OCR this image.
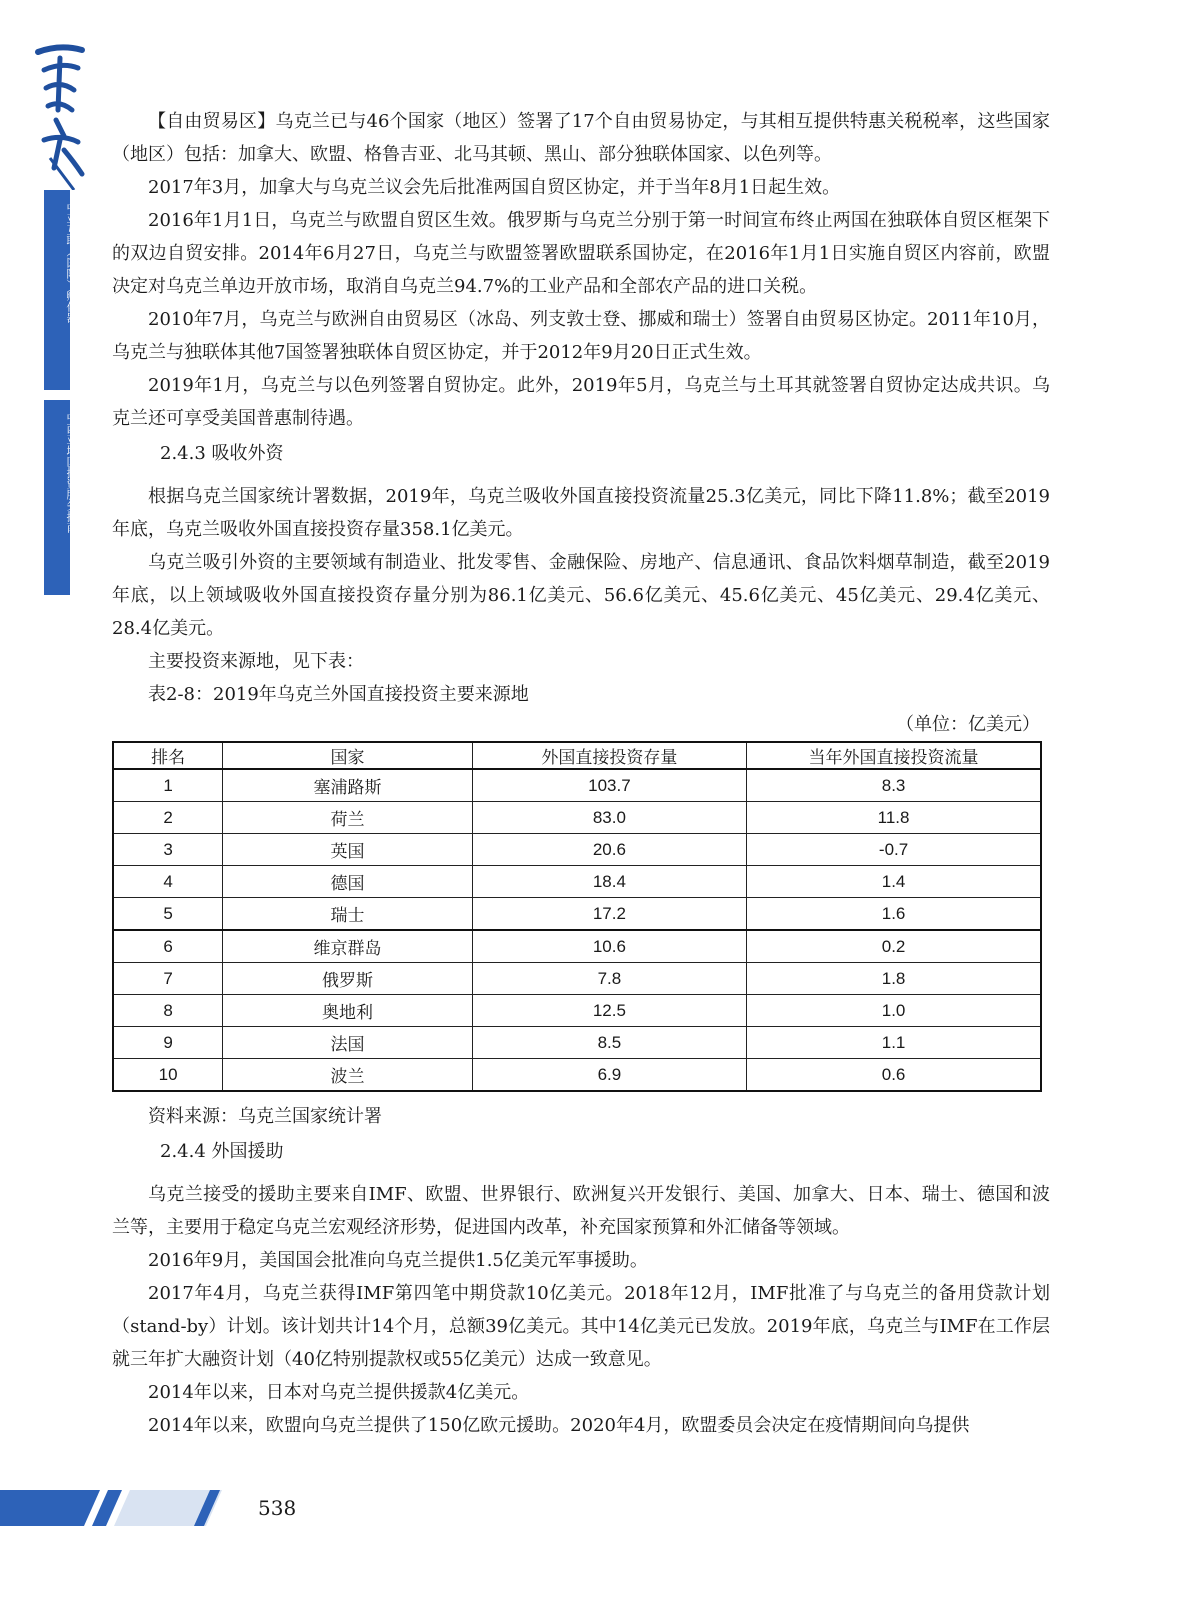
中亚互联（国际）孵化器
中西亚地区投资服务指南

【自由贸易区】乌克兰已与46个国家（地区）签署了17个自由贸易协定，与其相互提供特惠关税税率，这些国家（地区）包括：加拿大、欧盟、格鲁吉亚、北马其顿、黑山、部分独联体国家、以色列等。

2017年3月，加拿大与乌克兰议会先后批准两国自贸区协定，并于当年8月1日起生效。

2016年1月1日，乌克兰与欧盟自贸区生效。俄罗斯与乌克兰分别于第一时间宣布终止两国在独联体自贸区框架下的双边自贸安排。2014年6月27日，乌克兰与欧盟签署欧盟联系国协定，在2016年1月1日实施自贸区内容前，欧盟决定对乌克兰单边开放市场，取消自乌克兰94.7%的工业产品和全部农产品的进口关税。

2010年7月，乌克兰与欧洲自由贸易区（冰岛、列支敦士登、挪威和瑞士）签署自由贸易区协定。2011年10月，乌克兰与独联体其他7国签署独联体自贸区协定，并于2012年9月20日正式生效。

2019年1月，乌克兰与以色列签署自贸协定。此外，2019年5月，乌克兰与土耳其就签署自贸协定达成共识。乌克兰还可享受美国普惠制待遇。

2.4.3 吸收外资

根据乌克兰国家统计署数据，2019年，乌克兰吸收外国直接投资流量25.3亿美元，同比下降11.8%；截至2019年底，乌克兰吸收外国直接投资存量358.1亿美元。

乌克兰吸引外资的主要领域有制造业、批发零售、金融保险、房地产、信息通讯、食品饮料烟草制造，截至2019年底，以上领域吸收外国直接投资存量分别为86.1亿美元、56.6亿美元、45.6亿美元、45亿美元、29.4亿美元、28.4亿美元。

主要投资来源地，见下表：

表2-8：2019年乌克兰外国直接投资主要来源地
（单位：亿美元）
排名	国家	外国直接投资存量	当年外国直接投资流量
1	塞浦路斯	103.7	8.3
2	荷兰	83.0	11.8
3	英国	20.6	-0.7
4	德国	18.4	1.4
5	瑞士	17.2	1.6
6	维京群岛	10.6	0.2
7	俄罗斯	7.8	1.8
8	奥地利	12.5	1.0
9	法国	8.5	1.1
10	波兰	6.9	0.6
资料来源：乌克兰国家统计署
2.4.4 外国援助

乌克兰接受的援助主要来自IMF、欧盟、世界银行、欧洲复兴开发银行、美国、加拿大、日本、瑞士、德国和波兰等，主要用于稳定乌克兰宏观经济形势，促进国内改革，补充国家预算和外汇储备等领域。

2016年9月，美国国会批准向乌克兰提供1.5亿美元军事援助。

2017年4月，乌克兰获得IMF第四笔中期贷款10亿美元。2018年12月，IMF批准了与乌克兰的备用贷款计划（stand-by）计划。该计划共计14个月，总额39亿美元。其中14亿美元已发放。2019年底，乌克兰与IMF在工作层就三年扩大融资计划（40亿特别提款权或55亿美元）达成一致意见。

2014年以来，日本对乌克兰提供援款4亿美元。

2014年以来，欧盟向乌克兰提供了150亿欧元援助。2020年4月，欧盟委员会决定在疫情期间向乌提供

538
